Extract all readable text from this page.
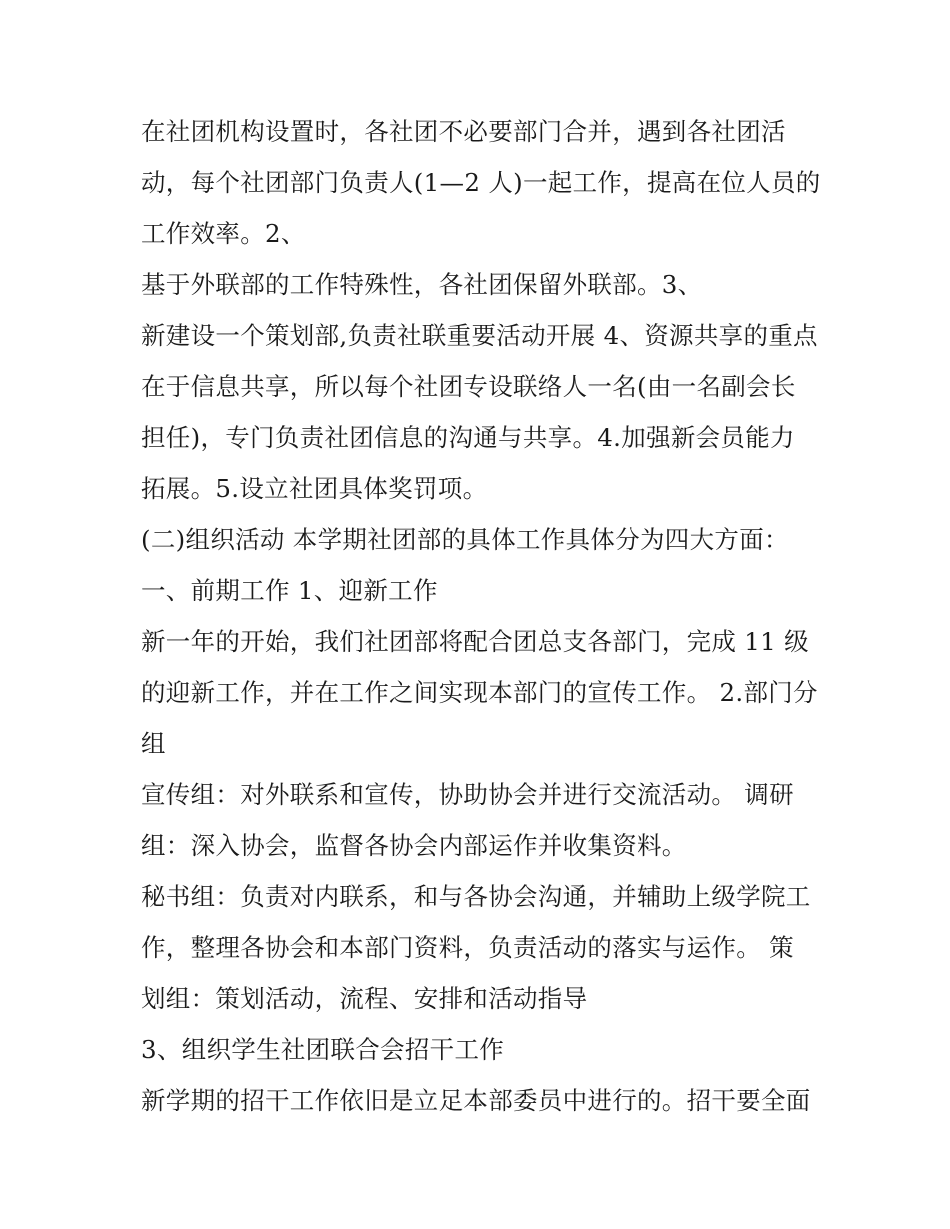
在社团机构设置时，各社团不必要部门合并，遇到各社团活
动，每个社团部门负责人(1—2 人)一起工作，提高在位人员的
工作效率。2、
基于外联部的工作特殊性，各社团保留外联部。3、
新建设一个策划部,负责社联重要活动开展 4、资源共享的重点
在于信息共享，所以每个社团专设联络人一名(由一名副会长
担任)，专门负责社团信息的沟通与共享。4.加强新会员能力
拓展。5.设立社团具体奖罚项。
(二)组织活动 本学期社团部的具体工作具体分为四大方面：
一、前期工作 1、迎新工作
新一年的开始，我们社团部将配合团总支各部门，完成 11 级
的迎新工作，并在工作之间实现本部门的宣传工作。 2.部门分
组
宣传组：对外联系和宣传，协助协会并进行交流活动。 调研
组：深入协会，监督各协会内部运作并收集资料。
秘书组：负责对内联系，和与各协会沟通，并辅助上级学院工
作，整理各协会和本部门资料，负责活动的落实与运作。 策
划组：策划活动，流程、安排和活动指导
3、组织学生社团联合会招干工作
新学期的招干工作依旧是立足本部委员中进行的。招干要全面
